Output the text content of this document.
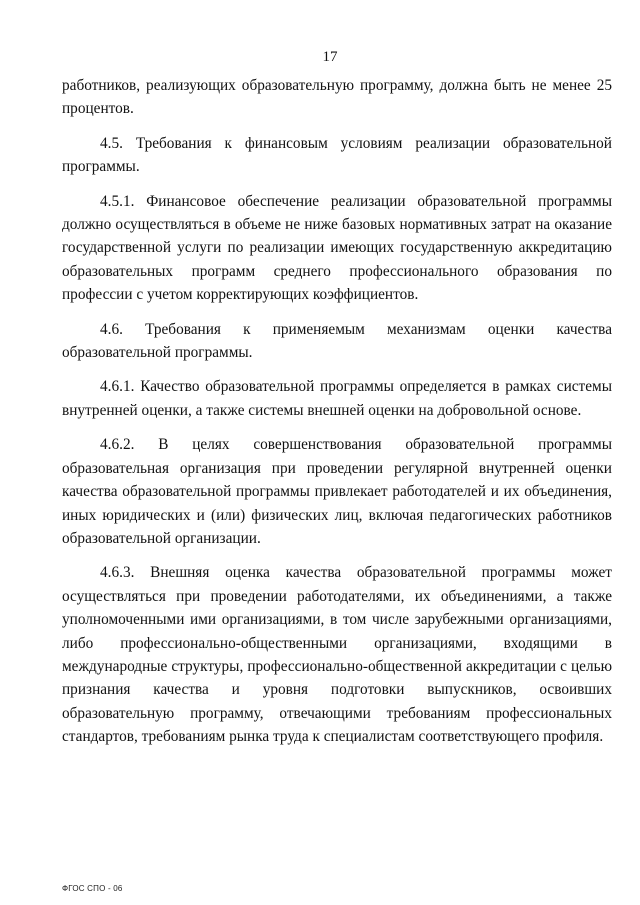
17

работников, реализующих образовательную программу, должна быть не менее 25 процентов.

4.5. Требования к финансовым условиям реализации образовательной программы.

4.5.1. Финансовое обеспечение реализации образовательной программы должно осуществляться в объеме не ниже базовых нормативных затрат на оказание государственной услуги по реализации имеющих государственную аккредитацию образовательных программ среднего профессионального образования по профессии с учетом корректирующих коэффициентов.

4.6. Требования к применяемым механизмам оценки качества образовательной программы.

4.6.1. Качество образовательной программы определяется в рамках системы внутренней оценки, а также системы внешней оценки на добровольной основе.

4.6.2. В целях совершенствования образовательной программы образовательная организация при проведении регулярной внутренней оценки качества образовательной программы привлекает работодателей и их объединения, иных юридических и (или) физических лиц, включая педагогических работников образовательной организации.

4.6.3. Внешняя оценка качества образовательной программы может осуществляться при проведении работодателями, их объединениями, а также уполномоченными ими организациями, в том числе зарубежными организациями, либо профессионально-общественными организациями, входящими в международные структуры, профессионально-общественной аккредитации с целью признания качества и уровня подготовки выпускников, освоивших образовательную программу, отвечающими требованиям профессиональных стандартов, требованиям рынка труда к специалистам соответствующего профиля.

ФГОС СПО - 06
